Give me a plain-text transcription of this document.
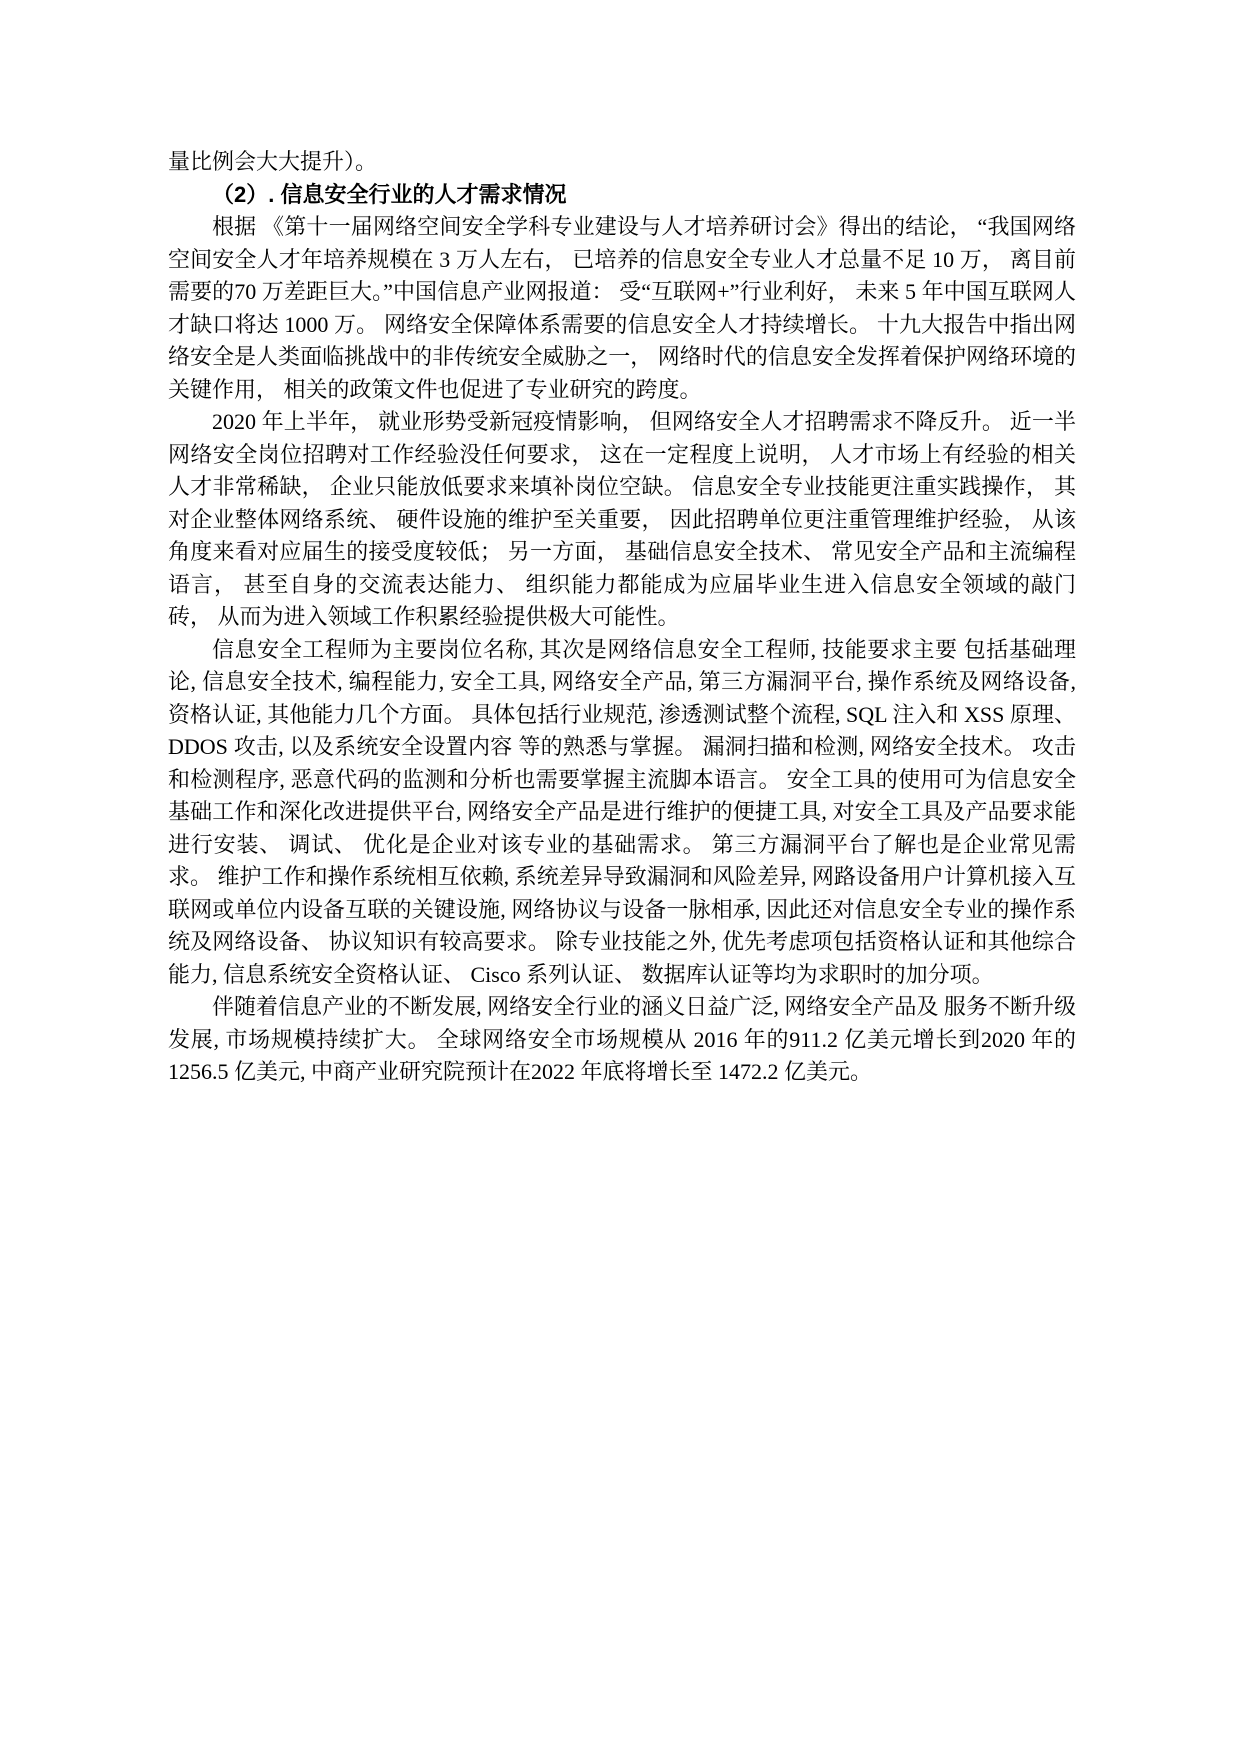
量比例会大大提升）。

（2）. 信息安全行业的人才需求情况

根据 《第十一届网络空间安全学科专业建设与人才培养研讨会》得出的结论， “我国网络空间安全人才年培养规模在 3 万人左右， 已培养的信息安全专业人才总量不足 10 万， 离目前需要的70 万差距巨大。”中国信息产业网报道： 受“互联网+”行业利好， 未来 5 年中国互联网人才缺口将达 1000 万。 网络安全保障体系需要的信息安全人才持续增长。 十九大报告中指出网络安全是人类面临挑战中的非传统安全威胁之一， 网络时代的信息安全发挥着保护网络环境的关键作用， 相关的政策文件也促进了专业研究的跨度。

2020 年上半年， 就业形势受新冠疫情影响， 但网络安全人才招聘需求不降反升。 近一半网络安全岗位招聘对工作经验没任何要求， 这在一定程度上说明， 人才市场上有经验的相关人才非常稀缺， 企业只能放低要求来填补岗位空缺。 信息安全专业技能更注重实践操作， 其对企业整体网络系统、 硬件设施的维护至关重要， 因此招聘单位更注重管理维护经验， 从该角度来看对应届生的接受度较低； 另一方面， 基础信息安全技术、 常见安全产品和主流编程语言， 甚至自身的交流表达能力、 组织能力都能成为应届毕业生进入信息安全领域的敲门砖， 从而为进入领域工作积累经验提供极大可能性。

信息安全工程师为主要岗位名称, 其次是网络信息安全工程师, 技能要求主要 包括基础理论, 信息安全技术, 编程能力, 安全工具, 网络安全产品, 第三方漏洞平台, 操作系统及网络设备, 资格认证, 其他能力几个方面。 具体包括行业规范, 渗透测试整个流程, SQL 注入和 XSS 原理、DDOS 攻击, 以及系统安全设置内容 等的熟悉与掌握。 漏洞扫描和检测, 网络安全技术。 攻击和检测程序, 恶意代码的监测和分析也需要掌握主流脚本语言。 安全工具的使用可为信息安全基础工作和深化改进提供平台, 网络安全产品是进行维护的便捷工具, 对安全工具及产品要求能进行安装、 调试、 优化是企业对该专业的基础需求。 第三方漏洞平台了解也是企业常见需求。 维护工作和操作系统相互依赖, 系统差异导致漏洞和风险差异, 网路设备用户计算机接入互联网或单位内设备互联的关键设施, 网络协议与设备一脉相承, 因此还对信息安全专业的操作系统及网络设备、 协议知识有较高要求。 除专业技能之外, 优先考虑项包括资格认证和其他综合能力, 信息系统安全资格认证、 Cisco 系列认证、 数据库认证等均为求职时的加分项。

伴随着信息产业的不断发展, 网络安全行业的涵义日益广泛, 网络安全产品及 服务不断升级发展, 市场规模持续扩大。 全球网络安全市场规模从 2016 年的911.2 亿美元增长到2020 年的1256.5 亿美元, 中商产业研究院预计在2022 年底将增长至 1472.2 亿美元。
